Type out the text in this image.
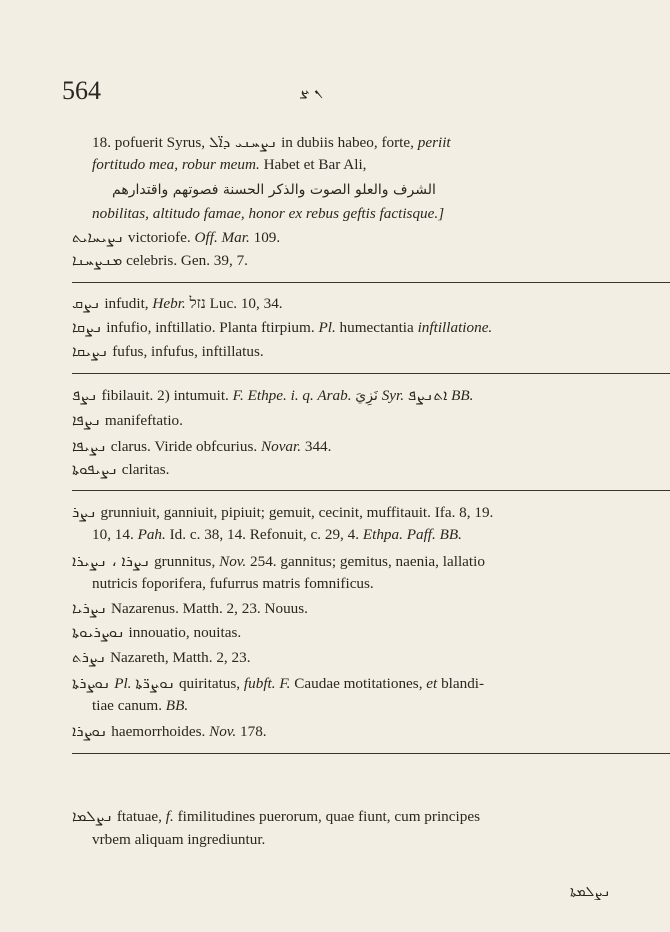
564	ܢ ܨ
18. pofuerit Syrus, ܢܨܚܢܝ ܕܐ̈ܠ in dubiis habeo, forte, periit
fortitudo mea, robur meum. Habet et Bar Ali,
الشرف والعلو الصوت والذكر الحسنة فصوتهم واقتدارهم
nobilitas, altitudo famae, honor ex rebus geftis factisque.]
ܢܨܝܚܐܝܬ victoriofe. Off. Mar. 109.
ܡܢܨܚܢܐ celebris. Gen. 39, 7.
ܢܨܩ infudit, Hebr. נזל Luc. 10, 34.
ܢܨܩܐ infufio, inftillatio. Planta ftirpium. Pl. humectantia inftillatione.
ܢܨܝܩܐ fufus, infufus, inftillatus.
ܢܨܦ fibilauit. 2) intumuit. F. Ethpe. i. q. Arab. نَزِيَ Syr. ܐܬܢܨܦ BB.
ܢܨܦܐ manifeftatio.
ܢܨܝܦܐ clarus. Viride obfcurius. Novar. 344.
ܢܨܝܦܘܬܐ claritas.
ܢܨܪ grunniuit, ganniuit, pipiuit; gemuit, cecinit, muffitauit. Ifa. 8, 19.
10, 14. Pah. Id. c. 38, 14. Refonuit, c. 29, 4. Ethpa. Paff. BB.
ܢܨܪܐ ، ܢܨܝܪܐ grunnitus, Nov. 254. gannitus; gemitus, naenia, lallatio
nutricis foporifera, fufurrus matris fomnificus.
ܢܨܪܝܐ Nazarenus. Matth. 2, 23. Nouus.
ܢܘܨܪܝܘܬܐ innouatio, nouitas.
ܢܨܪܬ Nazareth, Matth. 2, 23.
ܢܘܨܪܬܐ Pl. ܢܘܨܪ̈ܬܐ quiritatus, fubft. F. Caudae motitationes, et blandi-
tiae canum. BB.
ܢܘܨܪܐ haemorrhoides. Nov. 178.
ܢܨܠܡܐ ftatuae, f. fimilitudines puerorum, quae fiunt, cum principes
vrbem aliquam ingrediuntur.
ܢܨܠܡܬܐ
